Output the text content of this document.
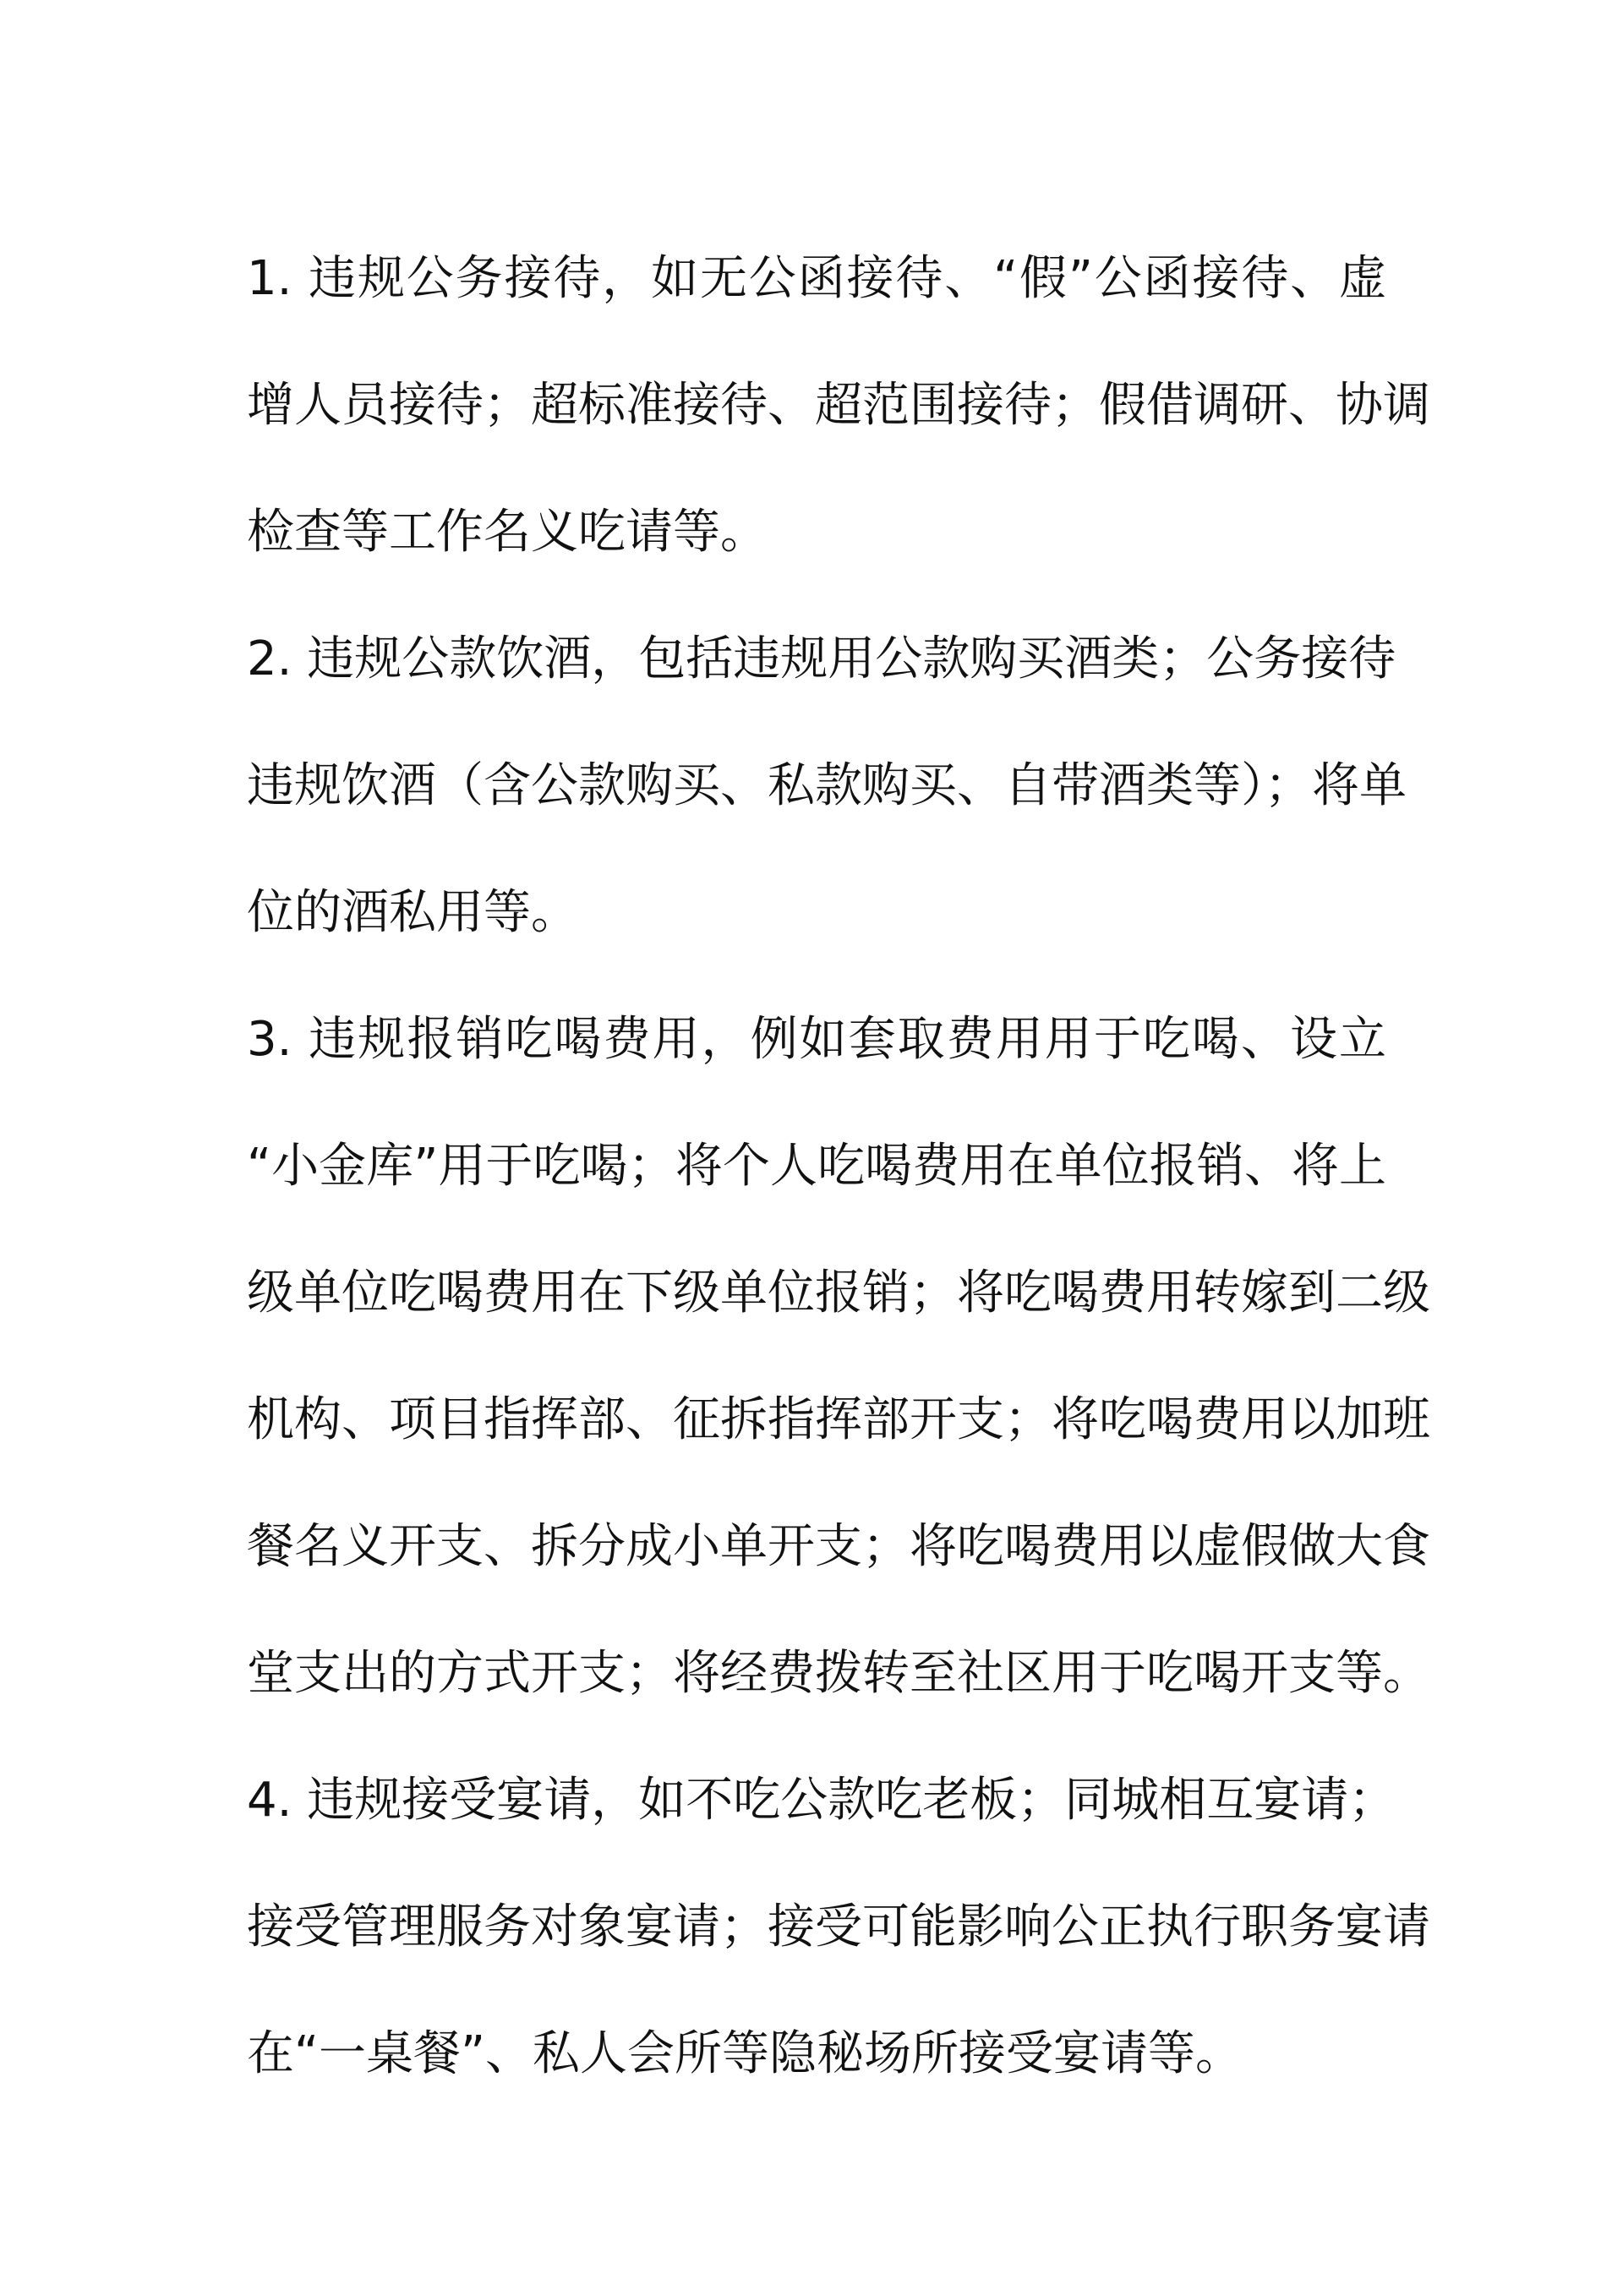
1. 违规公务接待，如无公函接待、“假”公函接待、虚
增人员接待；超标准接待、超范围接待；假借调研、协调
检查等工作名义吃请等。
2. 违规公款饮酒，包括违规用公款购买酒类；公务接待
违规饮酒（含公款购买、私款购买、自带酒类等）；将单
位的酒私用等。
3. 违规报销吃喝费用，例如套取费用用于吃喝、设立
“小金库”用于吃喝；将个人吃喝费用在单位报销、将上
级单位吃喝费用在下级单位报销；将吃喝费用转嫁到二级
机构、项目指挥部、征拆指挥部开支；将吃喝费用以加班
餐名义开支、拆分成小单开支；将吃喝费用以虚假做大食
堂支出的方式开支；将经费拨转至社区用于吃喝开支等。
4. 违规接受宴请，如不吃公款吃老板；同城相互宴请；
接受管理服务对象宴请；接受可能影响公正执行职务宴请
在“一桌餐”、私人会所等隐秘场所接受宴请等。
